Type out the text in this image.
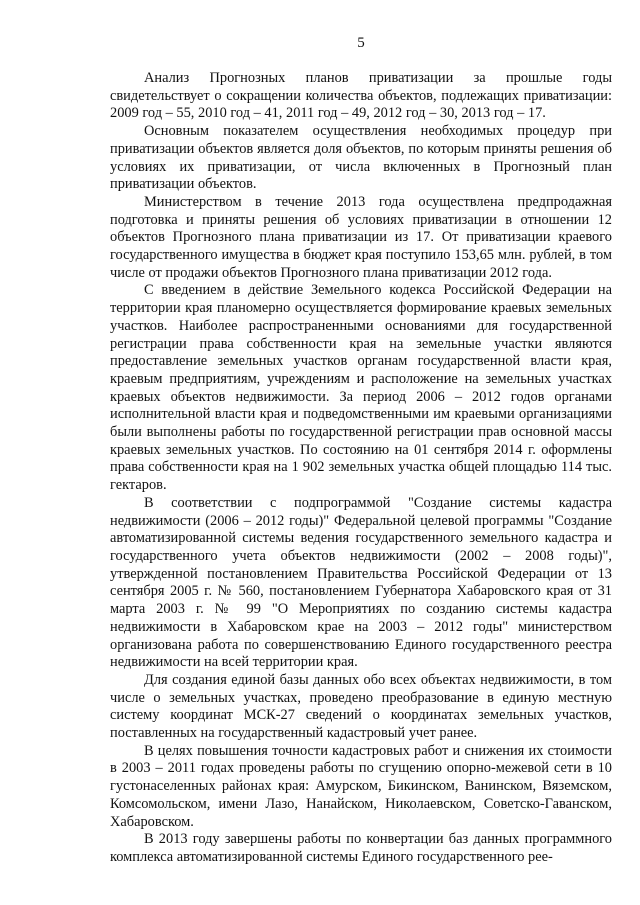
5

Анализ Прогнозных планов приватизации за прошлые годы свидетельствует о сокращении количества объектов, подлежащих приватизации: 2009 год – 55, 2010 год – 41, 2011 год – 49, 2012 год – 30, 2013 год – 17.

Основным показателем осуществления необходимых процедур при приватизации объектов является доля объектов, по которым приняты решения об условиях их приватизации, от числа включенных в Прогнозный план приватизации объектов.

Министерством в течение 2013 года осуществлена предпродажная подготовка и приняты решения об условиях приватизации в отношении 12 объектов Прогнозного плана приватизации из 17. От приватизации краевого государственного имущества в бюджет края поступило 153,65 млн. рублей, в том числе от продажи объектов Прогнозного плана приватизации 2012 года.

С введением в действие Земельного кодекса Российской Федерации на территории края планомерно осуществляется формирование краевых земельных участков. Наиболее распространенными основаниями для государственной регистрации права собственности края на земельные участки являются предоставление земельных участков органам государственной власти края, краевым предприятиям, учреждениям и расположение на земельных участках краевых объектов недвижимости. За период 2006 – 2012 годов органами исполнительной власти края и подведомственными им краевыми организациями были выполнены работы по государственной регистрации прав основной массы краевых земельных участков. По состоянию на 01 сентября 2014 г. оформлены права собственности края на 1 902 земельных участка общей площадью 114 тыс. гектаров.

В соответствии с подпрограммой "Создание системы кадастра недвижимости (2006 – 2012 годы)" Федеральной целевой программы "Создание автоматизированной системы ведения государственного земельного кадастра и государственного учета объектов недвижимости (2002 – 2008 годы)", утвержденной постановлением Правительства Российской Федерации от 13 сентября 2005 г. № 560, постановлением Губернатора Хабаровского края от 31 марта 2003 г. № 99 "О Мероприятиях по созданию системы кадастра недвижимости в Хабаровском крае на 2003 – 2012 годы" министерством организована работа по совершенствованию Единого государственного реестра недвижимости на всей территории края.

Для создания единой базы данных обо всех объектах недвижимости, в том числе о земельных участках, проведено преобразование в единую местную систему координат МСК-27 сведений о координатах земельных участков, поставленных на государственный кадастровый учет ранее.

В целях повышения точности кадастровых работ и снижения их стоимости в 2003 – 2011 годах проведены работы по сгущению опорно-межевой сети в 10 густонаселенных районах края: Амурском, Бикинском, Ванинском, Вяземском, Комсомольском, имени Лазо, Нанайском, Николаевском, Советско-Гаванском, Хабаровском.

В 2013 году завершены работы по конвертации баз данных программного комплекса автоматизированной системы Единого государственного рее-
